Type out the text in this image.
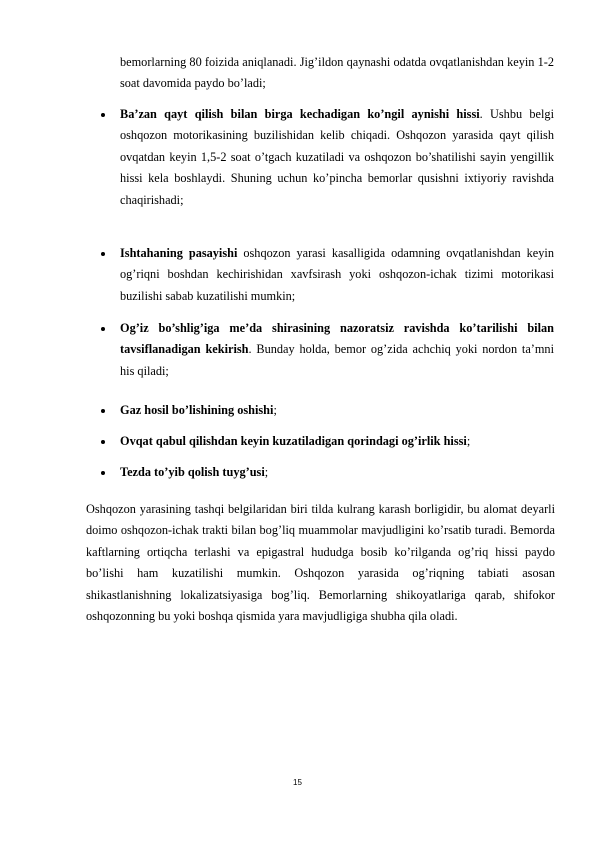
bemorlarning 80 foizida aniqlanadi. Jig’ildon qaynashi odatda ovqatlanishdan keyin 1-2 soat davomida paydo bo’ladi;

Ba’zan qayt qilish bilan birga kechadigan ko’ngil aynishi hissi. Ushbu belgi oshqozon motorikasining buzilishidan kelib chiqadi. Oshqozon yarasida qayt qilish ovqatdan keyin 1,5-2 soat o’tgach kuzatiladi va oshqozon bo’shatilishi sayin yengillik hissi kela boshlaydi. Shuning uchun ko’pincha bemorlar qusishni ixtiyoriy ravishda chaqirishadi;

Ishtahaning pasayishi oshqozon yarasi kasalligida odamning ovqatlanishdan keyin og’riqni boshdan kechirishidan xavfsirash yoki oshqozon-ichak tizimi motorikasi buzilishi sabab kuzatilishi mumkin;

Og’iz bo’shlig’iga me’da shirasining nazoratsiz ravishda ko’tarilishi bilan tavsiflanadigan kekirish. Bunday holda, bemor og’zida achchiq yoki nordon ta’mni his qiladi;

Gaz hosil bo’lishining oshishi;

Ovqat qabul qilishdan keyin kuzatiladigan qorindagi og’irlik hissi;

Tezda to’yib qolish tuyg’usi;

Oshqozon yarasining tashqi belgilaridan biri tilda kulrang karash borligidir, bu alomat deyarli doimo oshqozon-ichak trakti bilan bog’liq muammolar mavjudligini ko’rsatib turadi. Bemorda kaftlarning ortiqcha terlashi va epigastral hududga bosib ko’rilganda og’riq hissi paydo bo’lishi ham kuzatilishi mumkin. Oshqozon yarasida og’riqning tabiati asosan shikastlanishning lokalizatsiyasiga bog’liq. Bemorlarning shikoyatlariga qarab, shifokor oshqozonning bu yoki boshqa qismida yara mavjudligiga shubha qila oladi.

15
